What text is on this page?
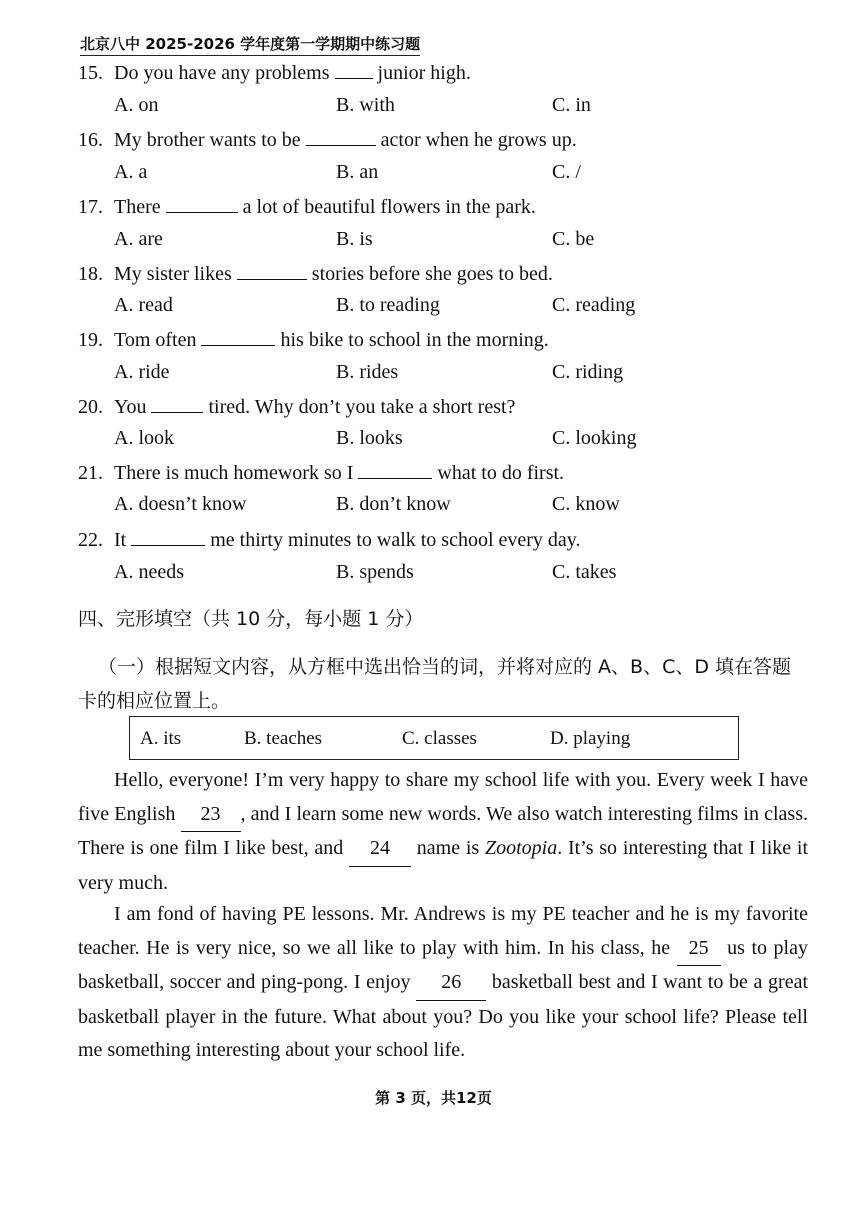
北京八中 2025-2026 学年度第一学期期中练习题
15. Do you have any problems junior high.
A. on	B. with	C. in
16. My brother wants to be	actor when he grows up.
A. a	B. an	C. /
17. There	a lot of beautiful flowers in the park.
A. are	B. is	C. be
18. My sister likes	stories before she goes to bed.
A. read	B. to reading	C. reading
19. Tom often	his bike to school in the morning.
A. ride	B. rides	C. riding
20. You	tired. Why don’t you take a short rest?
A. look	B. looks	C. looking
21. There is much homework so I	what to do first.
A. doesn’t know	B. don’t know	C. know
22. It	me thirty minutes to walk to school every day.
A. needs	B. spends	C. takes
四、完形填空（共 10 分，每小题 1 分）
（一）根据短文内容，从方框中选出恰当的词，并将对应的 A、B、C、D 填在答题卡的相应位置上。
A. its	B. teaches	C. classes	D. playing
Hello, everyone! I’m very happy to share my school life with you. Every week I have five English 23 , and I learn some new words. We also watch interesting films in class. There is one film I like best, and 24 name is Zootopia. It’s so interesting that I like it very much.
I am fond of having PE lessons. Mr. Andrews is my PE teacher and he is my favorite teacher. He is very nice, so we all like to play with him. In his class, he 25 us to play basketball, soccer and ping-pong. I enjoy 26 basketball best and I want to be a great basketball player in the future. What about you? Do you like your school life? Please tell me something interesting about your school life.
第 3 页，共12页
